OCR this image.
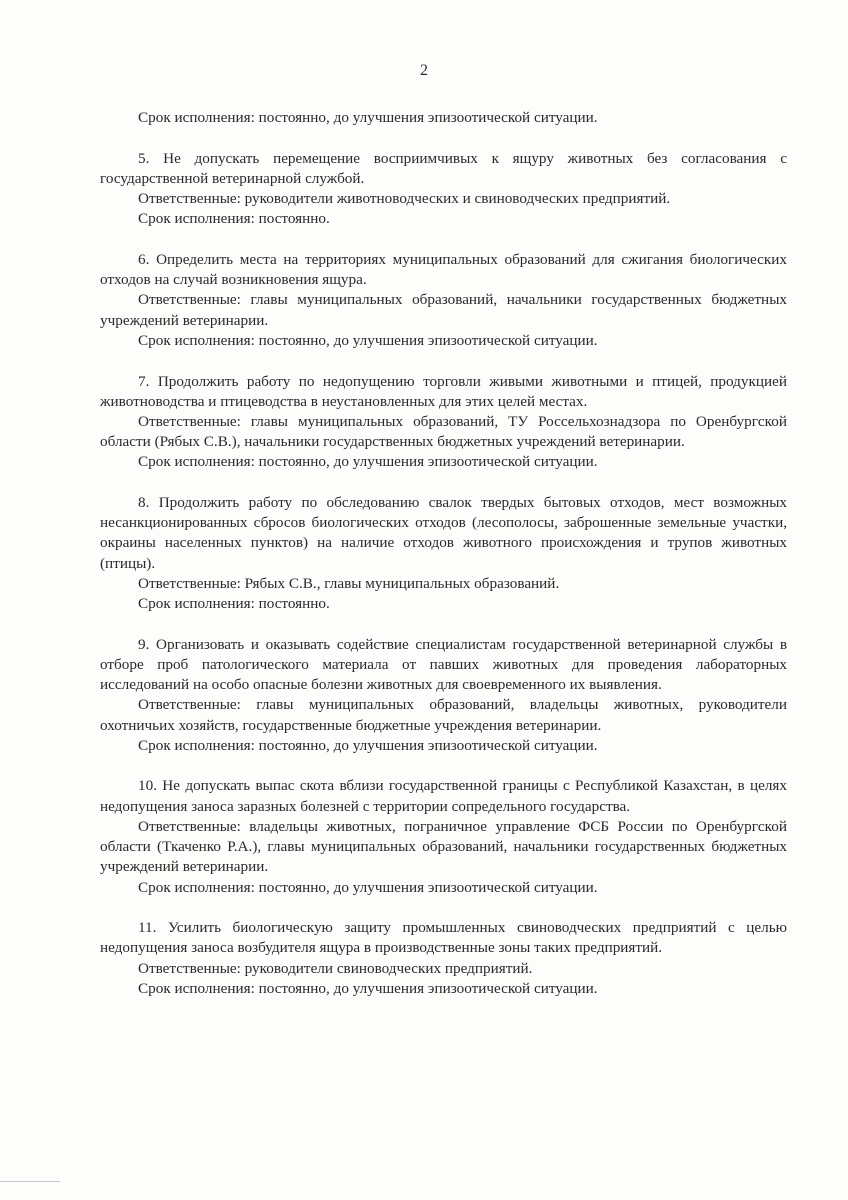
2

Срок исполнения: постоянно, до улучшения эпизоотической ситуации.

5. Не допускать перемещение восприимчивых к ящуру животных без согласования с государственной ветеринарной службой.

Ответственные: руководители животноводческих и свиноводческих предприятий.

Срок исполнения: постоянно.

6. Определить места на территориях муниципальных образований для сжигания биологических отходов на случай возникновения ящура.

Ответственные: главы муниципальных образований, начальники государственных бюджетных учреждений ветеринарии.

Срок исполнения: постоянно, до улучшения эпизоотической ситуации.

7. Продолжить работу по недопущению торговли живыми животными и птицей, продукцией животноводства и птицеводства в неустановленных для этих целей местах.

Ответственные: главы муниципальных образований, ТУ Россельхознадзора по Оренбургской области (Рябых С.В.), начальники государственных бюджетных учреждений ветеринарии.

Срок исполнения: постоянно, до улучшения эпизоотической ситуации.

8. Продолжить работу по обследованию свалок твердых бытовых отходов, мест возможных несанкционированных сбросов биологических отходов (лесополосы, заброшенные земельные участки, окраины населенных пунктов) на наличие отходов животного происхождения и трупов животных (птицы).

Ответственные: Рябых С.В., главы муниципальных образований.

Срок исполнения: постоянно.

9. Организовать и оказывать содействие специалистам государственной ветеринарной службы в отборе проб патологического материала от павших животных для проведения лабораторных исследований на особо опасные болезни животных для своевременного их выявления.

Ответственные: главы муниципальных образований, владельцы животных, руководители охотничьих хозяйств, государственные бюджетные учреждения ветеринарии.

Срок исполнения: постоянно, до улучшения эпизоотической ситуации.

10. Не допускать выпас скота вблизи государственной границы с Республикой Казахстан, в целях недопущения заноса заразных болезней с территории сопредельного государства.

Ответственные: владельцы животных, пограничное управление ФСБ России по Оренбургской области (Ткаченко Р.А.), главы муниципальных образований, начальники государственных бюджетных учреждений ветеринарии.

Срок исполнения: постоянно, до улучшения эпизоотической ситуации.

11. Усилить биологическую защиту промышленных свиноводческих предприятий с целью недопущения заноса возбудителя ящура в производственные зоны таких предприятий.

Ответственные: руководители свиноводческих предприятий.

Срок исполнения: постоянно, до улучшения эпизоотической ситуации.
